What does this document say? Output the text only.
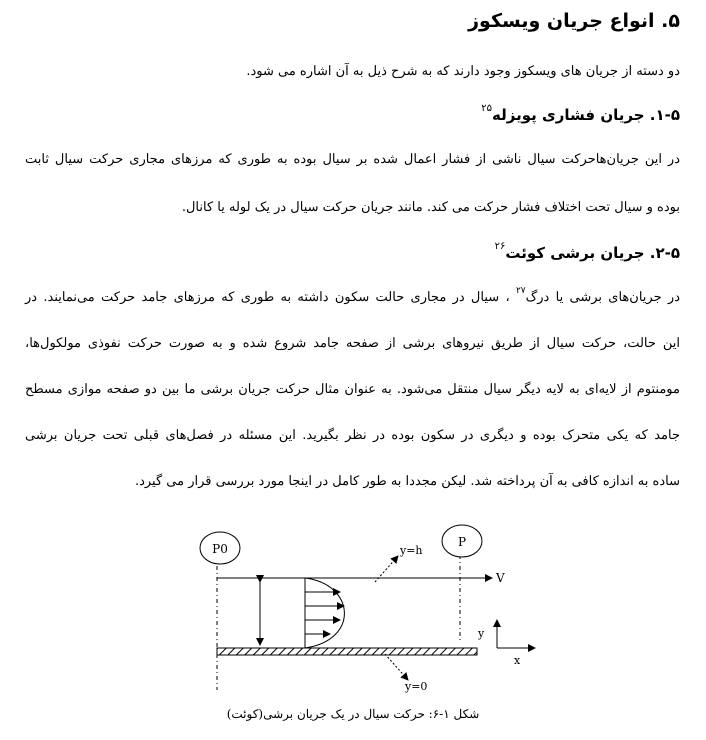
۵. انواع جریان ویسکوز
دو دسته از جریان های ویسکوز وجود دارند که به شرح ذیل به آن اشاره می شود.
۱-۵. جریان فشاری پویزله$^{۲۵}$
در این جریان‌هاحرکت سیال ناشی از فشار اعمال شده بر سیال بوده به طوری که مرزهای مجاری حرکت سیال ثابت
بوده و سیال تحت اختلاف فشار حرکت می کند. مانند جریان حرکت سیال در یک لوله یا کانال.
۲-۵. جریان برشی کوئت$^{۲۶}$
در جریان‌های برشی یا درگ$^{۲۷}$ ، سیال در مجاری حالت سکون داشته به طوری که مرزهای جامد حرکت می‌نمایند. در
این حالت، حرکت سیال از طریق نیروهای برشی از صفحه جامد شروع شده و به صورت حرکت نفوذی مولکول‌ها،
مومنتوم از لایه‌ای به لایه دیگر سیال منتقل می‌شود. به عنوان مثال حرکت جریان برشی ما بین دو صفحه موازی مسطح
جامد که یکی متحرک بوده و دیگری در سکون بوده در نظر بگیرید. این مسئله در فصل‌های قبلی تحت جریان برشی
ساده به اندازه کافی به آن پرداخته شد. لیکن مجددا به طور کامل در اینجا مورد بررسی قرار می گیرد.
P0	P
V
y=h
y=0
y
x
شکل ۱-۶: حرکت سیال در یک جریان برشی(کوئت)
